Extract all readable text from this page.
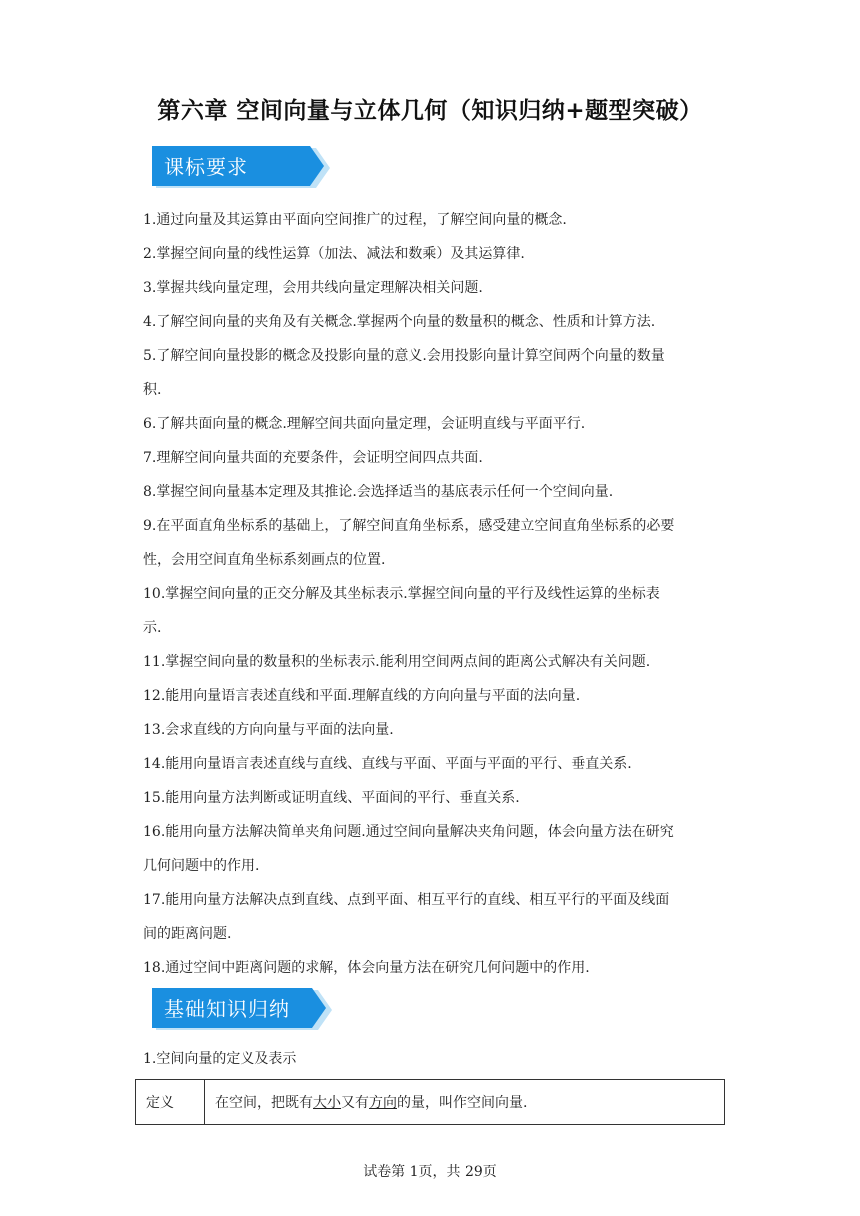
第六章 空间向量与立体几何（知识归纳+题型突破）
课标要求
1.通过向量及其运算由平面向空间推广的过程，了解空间向量的概念.
2.掌握空间向量的线性运算（加法、减法和数乘）及其运算律.
3.掌握共线向量定理，会用共线向量定理解决相关问题.
4.了解空间向量的夹角及有关概念.掌握两个向量的数量积的概念、性质和计算方法.
5.了解空间向量投影的概念及投影向量的意义.会用投影向量计算空间两个向量的数量
积.
6.了解共面向量的概念.理解空间共面向量定理，会证明直线与平面平行.
7.理解空间向量共面的充要条件，会证明空间四点共面.
8.掌握空间向量基本定理及其推论.会选择适当的基底表示任何一个空间向量.
9.在平面直角坐标系的基础上，了解空间直角坐标系，感受建立空间直角坐标系的必要
性，会用空间直角坐标系刻画点的位置.
10.掌握空间向量的正交分解及其坐标表示.掌握空间向量的平行及线性运算的坐标表
示.
11.掌握空间向量的数量积的坐标表示.能利用空间两点间的距离公式解决有关问题.
12.能用向量语言表述直线和平面.理解直线的方向向量与平面的法向量.
13.会求直线的方向向量与平面的法向量.
14.能用向量语言表述直线与直线、直线与平面、平面与平面的平行、垂直关系.
15.能用向量方法判断或证明直线、平面间的平行、垂直关系.
16.能用向量方法解决简单夹角问题.通过空间向量解决夹角问题，体会向量方法在研究
几何问题中的作用.
17.能用向量方法解决点到直线、点到平面、相互平行的直线、相互平行的平面及线面
间的距离问题.
18.通过空间中距离问题的求解，体会向量方法在研究几何问题中的作用.
基础知识归纳
1.空间向量的定义及表示
定义	在空间，把既有大小又有方向的量，叫作空间向量.
试卷第 1页，共 29页
